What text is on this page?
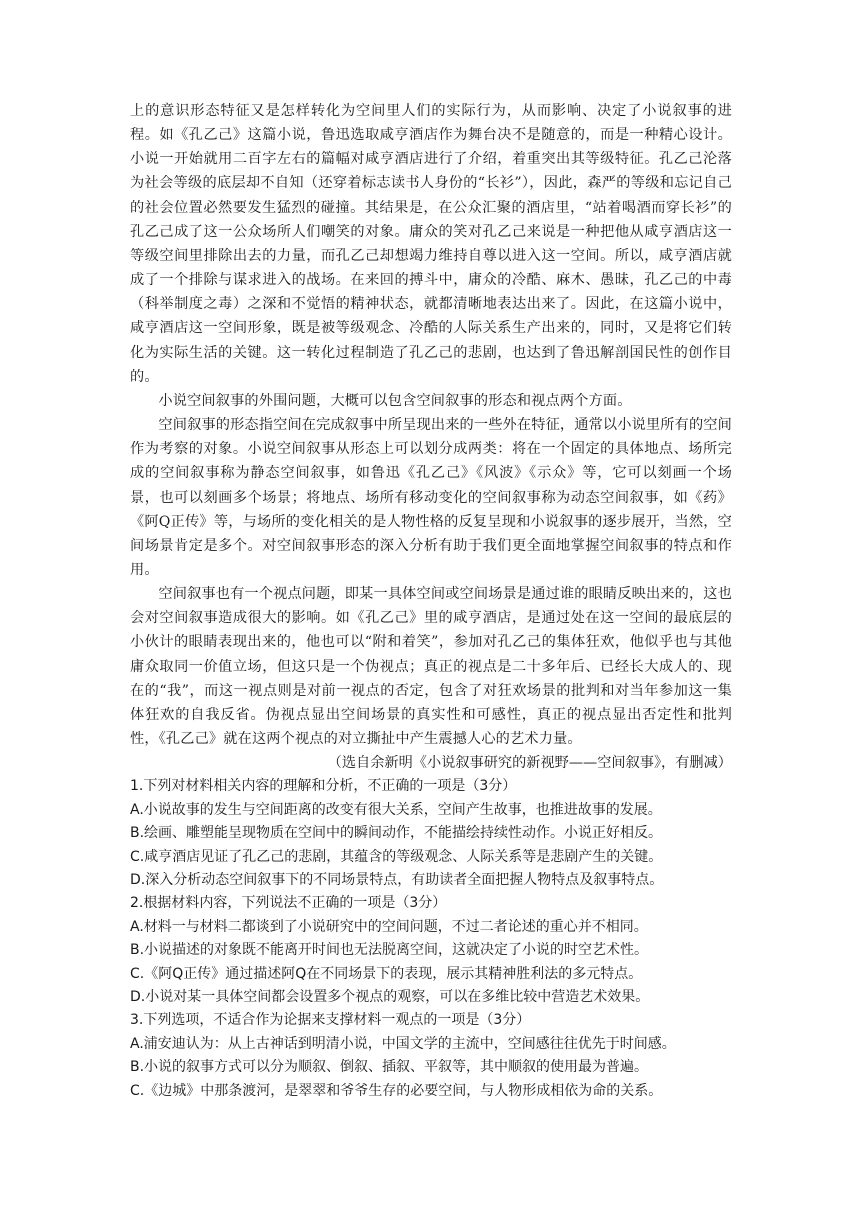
上的意识形态特征又是怎样转化为空间里人们的实际行为，从而影响、决定了小说叙事的进程。如《孔乙己》这篇小说，鲁迅选取咸亨酒店作为舞台决不是随意的，而是一种精心设计。小说一开始就用二百字左右的篇幅对咸亨酒店进行了介绍，着重突出其等级特征。孔乙己沦落为社会等级的底层却不自知（还穿着标志读书人身份的“长衫”），因此，森严的等级和忘记自己的社会位置必然要发生猛烈的碰撞。其结果是，在公众汇聚的酒店里，“站着喝酒而穿长衫”的孔乙己成了这一公众场所人们嘲笑的对象。庸众的笑对孔乙己来说是一种把他从咸亨酒店这一等级空间里排除出去的力量，而孔乙己却想竭力维持自尊以进入这一空间。所以，咸亨酒店就成了一个排除与谋求进入的战场。在来回的搏斗中，庸众的冷酷、麻木、愚昧，孔乙己的中毒（科举制度之毒）之深和不觉悟的精神状态，就都清晰地表达出来了。因此，在这篇小说中，咸亨酒店这一空间形象，既是被等级观念、冷酷的人际关系生产出来的，同时，又是将它们转化为实际生活的关键。这一转化过程制造了孔乙己的悲剧，也达到了鲁迅解剖国民性的创作目的。

小说空间叙事的外围问题，大概可以包含空间叙事的形态和视点两个方面。

空间叙事的形态指空间在完成叙事中所呈现出来的一些外在特征，通常以小说里所有的空间作为考察的对象。小说空间叙事从形态上可以划分成两类：将在一个固定的具体地点、场所完成的空间叙事称为静态空间叙事，如鲁迅《孔乙己》《风波》《示众》等，它可以刻画一个场景，也可以刻画多个场景；将地点、场所有移动变化的空间叙事称为动态空间叙事，如《药》《阿Q正传》等，与场所的变化相关的是人物性格的反复呈现和小说叙事的逐步展开，当然，空间场景肯定是多个。对空间叙事形态的深入分析有助于我们更全面地掌握空间叙事的特点和作用。

空间叙事也有一个视点问题，即某一具体空间或空间场景是通过谁的眼睛反映出来的，这也会对空间叙事造成很大的影响。如《孔乙己》里的咸亨酒店，是通过处在这一空间的最底层的小伙计的眼睛表现出来的，他也可以“附和着笑”，参加对孔乙己的集体狂欢，他似乎也与其他庸众取同一价值立场，但这只是一个伪视点；真正的视点是二十多年后、已经长大成人的、现在的“我”，而这一视点则是对前一视点的否定，包含了对狂欢场景的批判和对当年参加这一集体狂欢的自我反省。伪视点显出空间场景的真实性和可感性，真正的视点显出否定性和批判性，《孔乙己》就在这两个视点的对立撕扯中产生震撼人心的艺术力量。

（选自余新明《小说叙事研究的新视野——空间叙事》，有删减）

1.下列对材料相关内容的理解和分析，不正确的一项是（3分）

A.小说故事的发生与空间距离的改变有很大关系，空间产生故事，也推进故事的发展。

B.绘画、雕塑能呈现物质在空间中的瞬间动作，不能描绘持续性动作。小说正好相反。

C.咸亨酒店见证了孔乙己的悲剧，其蕴含的等级观念、人际关系等是悲剧产生的关键。

D.深入分析动态空间叙事下的不同场景特点，有助读者全面把握人物特点及叙事特点。

2.根据材料内容，下列说法不正确的一项是（3分）

A.材料一与材料二都谈到了小说研究中的空间问题，不过二者论述的重心并不相同。

B.小说描述的对象既不能离开时间也无法脱离空间，这就决定了小说的时空艺术性。

C.《阿Q正传》通过描述阿Q在不同场景下的表现，展示其精神胜利法的多元特点。

D.小说对某一具体空间都会设置多个视点的观察，可以在多维比较中营造艺术效果。

3.下列选项，不适合作为论据来支撑材料一观点的一项是（3分）

A.浦安迪认为：从上古神话到明清小说，中国文学的主流中，空间感往往优先于时间感。

B.小说的叙事方式可以分为顺叙、倒叙、插叙、平叙等，其中顺叙的使用最为普遍。

C.《边城》中那条渡河，是翠翠和爷爷生存的必要空间，与人物形成相依为命的关系。
